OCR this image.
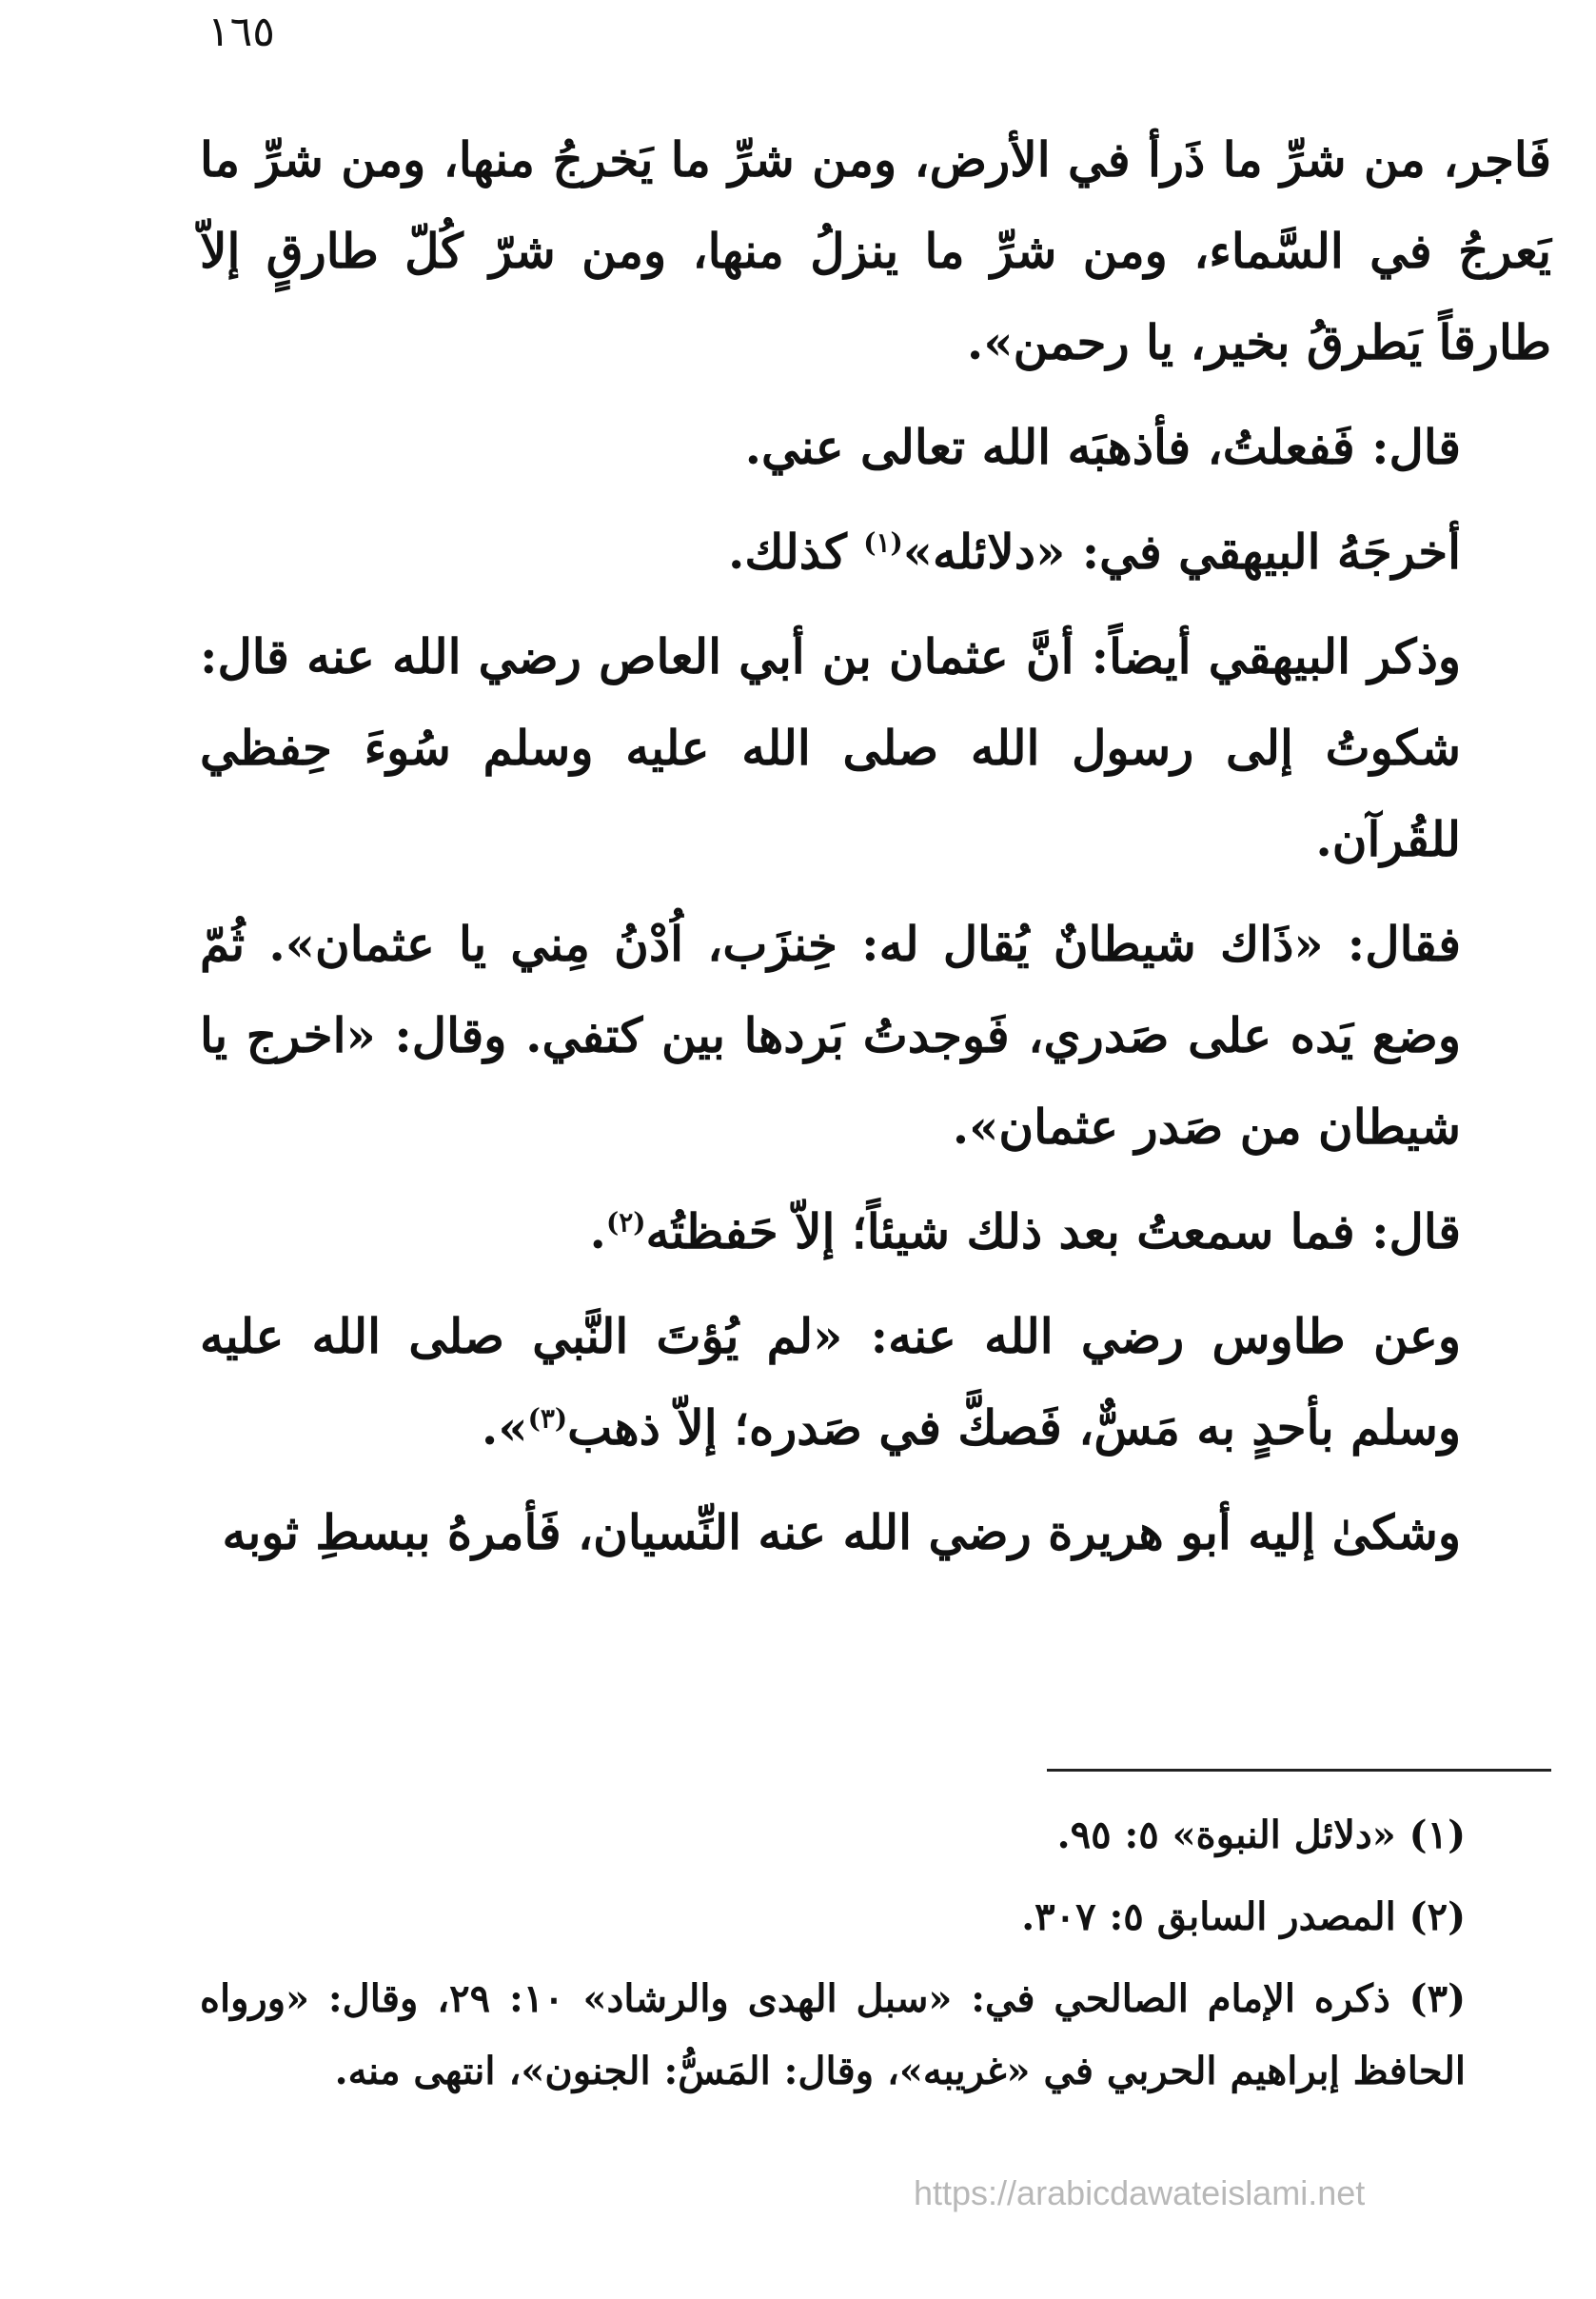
١٦٥

فَاجر، من شرِّ ما ذَرأ في الأرض، ومن شرِّ ما يَخرجُ منها، ومن شرِّ ما يَعرجُ في السَّماء، ومن شرِّ ما ينزلُ منها، ومن شرّ كُلّ طارقٍ إلاّ طارقاً يَطرقُ بخير، يا رحمن».

قال: فَفعلتُ، فأذهبَه الله تعالى عني.

أخرجَهُ البيهقي في: «دلائله»$^{(١)}$ كذلك.

وذكر البيهقي أيضاً: أنَّ عثمان بن أبي العاص رضي الله عنه قال: شكوتُ إلى رسول الله صلى الله عليه وسلم سُوءَ حِفظي للقُرآن.

فقال: «ذَاك شيطانٌ يُقال له: خِنزَب، اُدْنُ مِني يا عثمان». ثُمّ وضع يَده على صَدري، فَوجدتُ بَردها بين كتفي. وقال: «اخرج يا شيطان من صَدر عثمان».

قال: فما سمعتُ بعد ذلك شيئاً؛ إلاّ حَفظتُه$^{(٢)}$.

وعن طاوس رضي الله عنه: «لم يُؤتَ النَّبي صلى الله عليه وسلم بأحدٍ به مَسٌّ، فَصكَّ في صَدره؛ إلاّ ذهب$^{(٣)}$».

وشكىٰ إليه أبو هريرة رضي الله عنه النِّسيان، فَأمرهُ ببسطِ ثوبه

(١) «دلائل النبوة» ٥: ٩٥.

(٢) المصدر السابق ٥: ٣٠٧.

(٣) ذكره الإمام الصالحي في: «سبل الهدى والرشاد» ١٠: ٢٩، وقال: «ورواه الحافظ إبراهيم الحربي في «غريبه»، وقال: المَسُّ: الجنون»، انتهى منه.

https://arabicdawateislami.net
